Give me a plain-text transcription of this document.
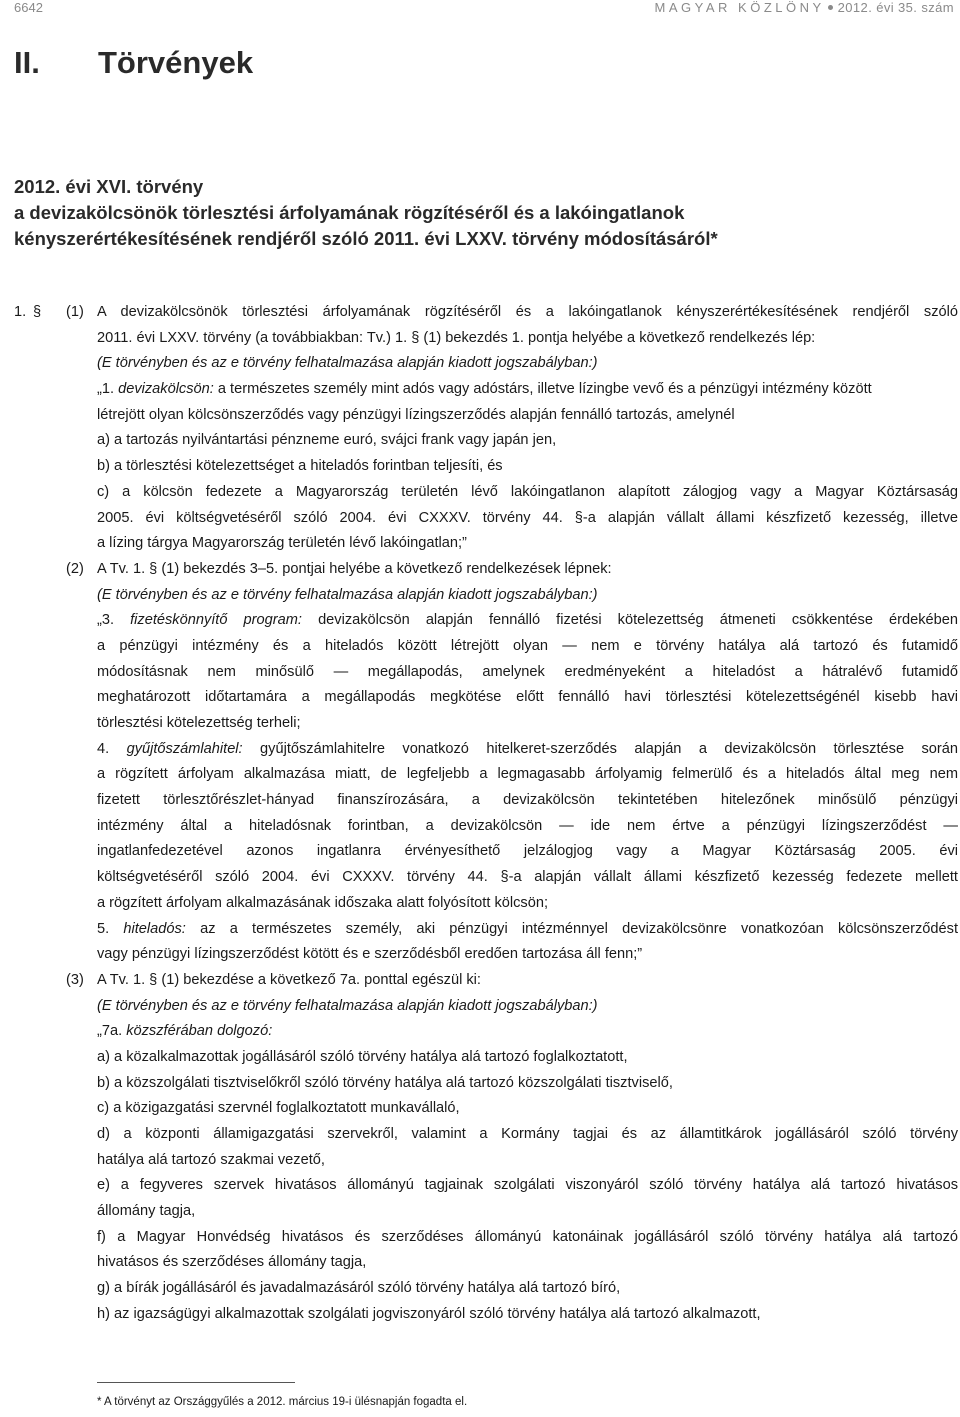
6642	MAGYAR KÖZLÖNY 2012. évi 35. szám
II. Törvények
2012. évi XVI. törvény
a devizakölcsönök törlesztési árfolyamának rögzítéséről és a lakóingatlanok
kényszerértékesítésének rendjéről szóló 2011. évi LXXV. törvény módosításáról*
1. § (1) A devizakölcsönök törlesztési árfolyamának rögzítéséről és a lakóingatlanok kényszerértékesítésének rendjéről szóló
2011. évi LXXV. törvény (a továbbiakban: Tv.) 1. § (1) bekezdés 1. pontja helyébe a következő rendelkezés lép:
(E törvényben és az e törvény felhatalmazása alapján kiadott jogszabályban:)
„1. devizakölcsön: a természetes személy mint adós vagy adóstárs, illetve lízingbe vevő és a pénzügyi intézmény között
létrejött olyan kölcsönszerződés vagy pénzügyi lízingszerződés alapján fennálló tartozás, amelynél
a) a tartozás nyilvántartási pénzneme euró, svájci frank vagy japán jen,
b) a törlesztési kötelezettséget a hiteladós forintban teljesíti, és
c) a kölcsön fedezete a Magyarország területén lévő lakóingatlanon alapított zálogjog vagy a Magyar Köztársaság
2005. évi költségvetéséről szóló 2004. évi CXXXV. törvény 44. §-a alapján vállalt állami készfizető kezesség, illetve
a lízing tárgya Magyarország területén lévő lakóingatlan;”
(2) A Tv. 1. § (1) bekezdés 3–5. pontjai helyébe a következő rendelkezések lépnek:
(E törvényben és az e törvény felhatalmazása alapján kiadott jogszabályban:)
„3. fizetéskönnyítő program: devizakölcsön alapján fennálló fizetési kötelezettség átmeneti csökkentése érdekében
a pénzügyi intézmény és a hiteladós között létrejött olyan — nem e törvény hatálya alá tartozó és futamidő
módosításnak nem minősülő — megállapodás, amelynek eredményeként a hiteladóst a hátralévő futamidő
meghatározott időtartamára a megállapodás megkötése előtt fennálló havi törlesztési kötelezettségénél kisebb havi
törlesztési kötelezettség terheli;
4. gyűjtőszámlahitel: gyűjtőszámlahitelre vonatkozó hitelkeret-szerződés alapján a devizakölcsön törlesztése során
a rögzített árfolyam alkalmazása miatt, de legfeljebb a legmagasabb árfolyamig felmerülő és a hiteladós által meg nem
fizetett törlesztőrészlet-hányad finanszírozására, a devizakölcsön tekintetében hitelezőnek minősülő pénzügyi
intézmény által a hiteladósnak forintban, a devizakölcsön — ide nem értve a pénzügyi lízingszerződést —
ingatlanfedezetével azonos ingatlanra érvényesíthető jelzálogjog vagy a Magyar Köztársaság 2005. évi
költségvetéséről szóló 2004. évi CXXXV. törvény 44. §-a alapján vállalt állami készfizető kezesség fedezete mellett
a rögzített árfolyam alkalmazásának időszaka alatt folyósított kölcsön;
5. hiteladós: az a természetes személy, aki pénzügyi intézménnyel devizakölcsönre vonatkozóan kölcsönszerződést
vagy pénzügyi lízingszerződést kötött és e szerződésből eredően tartozása áll fenn;”
(3) A Tv. 1. § (1) bekezdése a következő 7a. ponttal egészül ki:
(E törvényben és az e törvény felhatalmazása alapján kiadott jogszabályban:)
„7a. közszférában dolgozó:
a) a közalkalmazottak jogállásáról szóló törvény hatálya alá tartozó foglalkoztatott,
b) a közszolgálati tisztviselőkről szóló törvény hatálya alá tartozó közszolgálati tisztviselő,
c) a közigazgatási szervnél foglalkoztatott munkavállaló,
d) a központi államigazgatási szervekről, valamint a Kormány tagjai és az államtitkárok jogállásáról szóló törvény
hatálya alá tartozó szakmai vezető,
e) a fegyveres szervek hivatásos állományú tagjainak szolgálati viszonyáról szóló törvény hatálya alá tartozó hivatásos
állomány tagja,
f) a Magyar Honvédség hivatásos és szerződéses állományú katonáinak jogállásáról szóló törvény hatálya alá tartozó
hivatásos és szerződéses állomány tagja,
g) a bírák jogállásáról és javadalmazásáról szóló törvény hatálya alá tartozó bíró,
h) az igazságügyi alkalmazottak szolgálati jogviszonyáról szóló törvény hatálya alá tartozó alkalmazott,
* A törvényt az Országgyűlés a 2012. március 19-i ülésnapján fogadta el.
